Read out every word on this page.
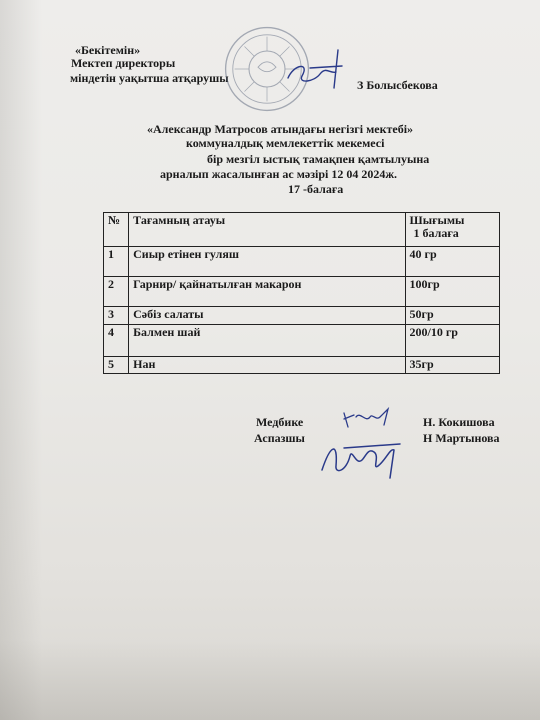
«Бекітемін»
Мектеп директоры
міндетін уақытша атқарушы	З Болысбекова
«Александр Матросов атындағы негізгі мектебі»
коммуналдық мемлекеттік мекемесі
бір мезгіл ыстық тамақпен қамтылуына
арналып жасалынған ас мәзірі 12 04 2024ж.
17 -балаға
№	Тағамның атауы	Шығымы
1 балаға

1	Сиыр етінен гуляш	40 гр
2	Гарнир/ қайнатылған макарон	100гр
3	Сәбіз салаты	50гр
4	Балмен шай	200/10 гр
5	Нан	35гр
Медбике	Н. Кокишова
Аспазшы	Н Мартынова
